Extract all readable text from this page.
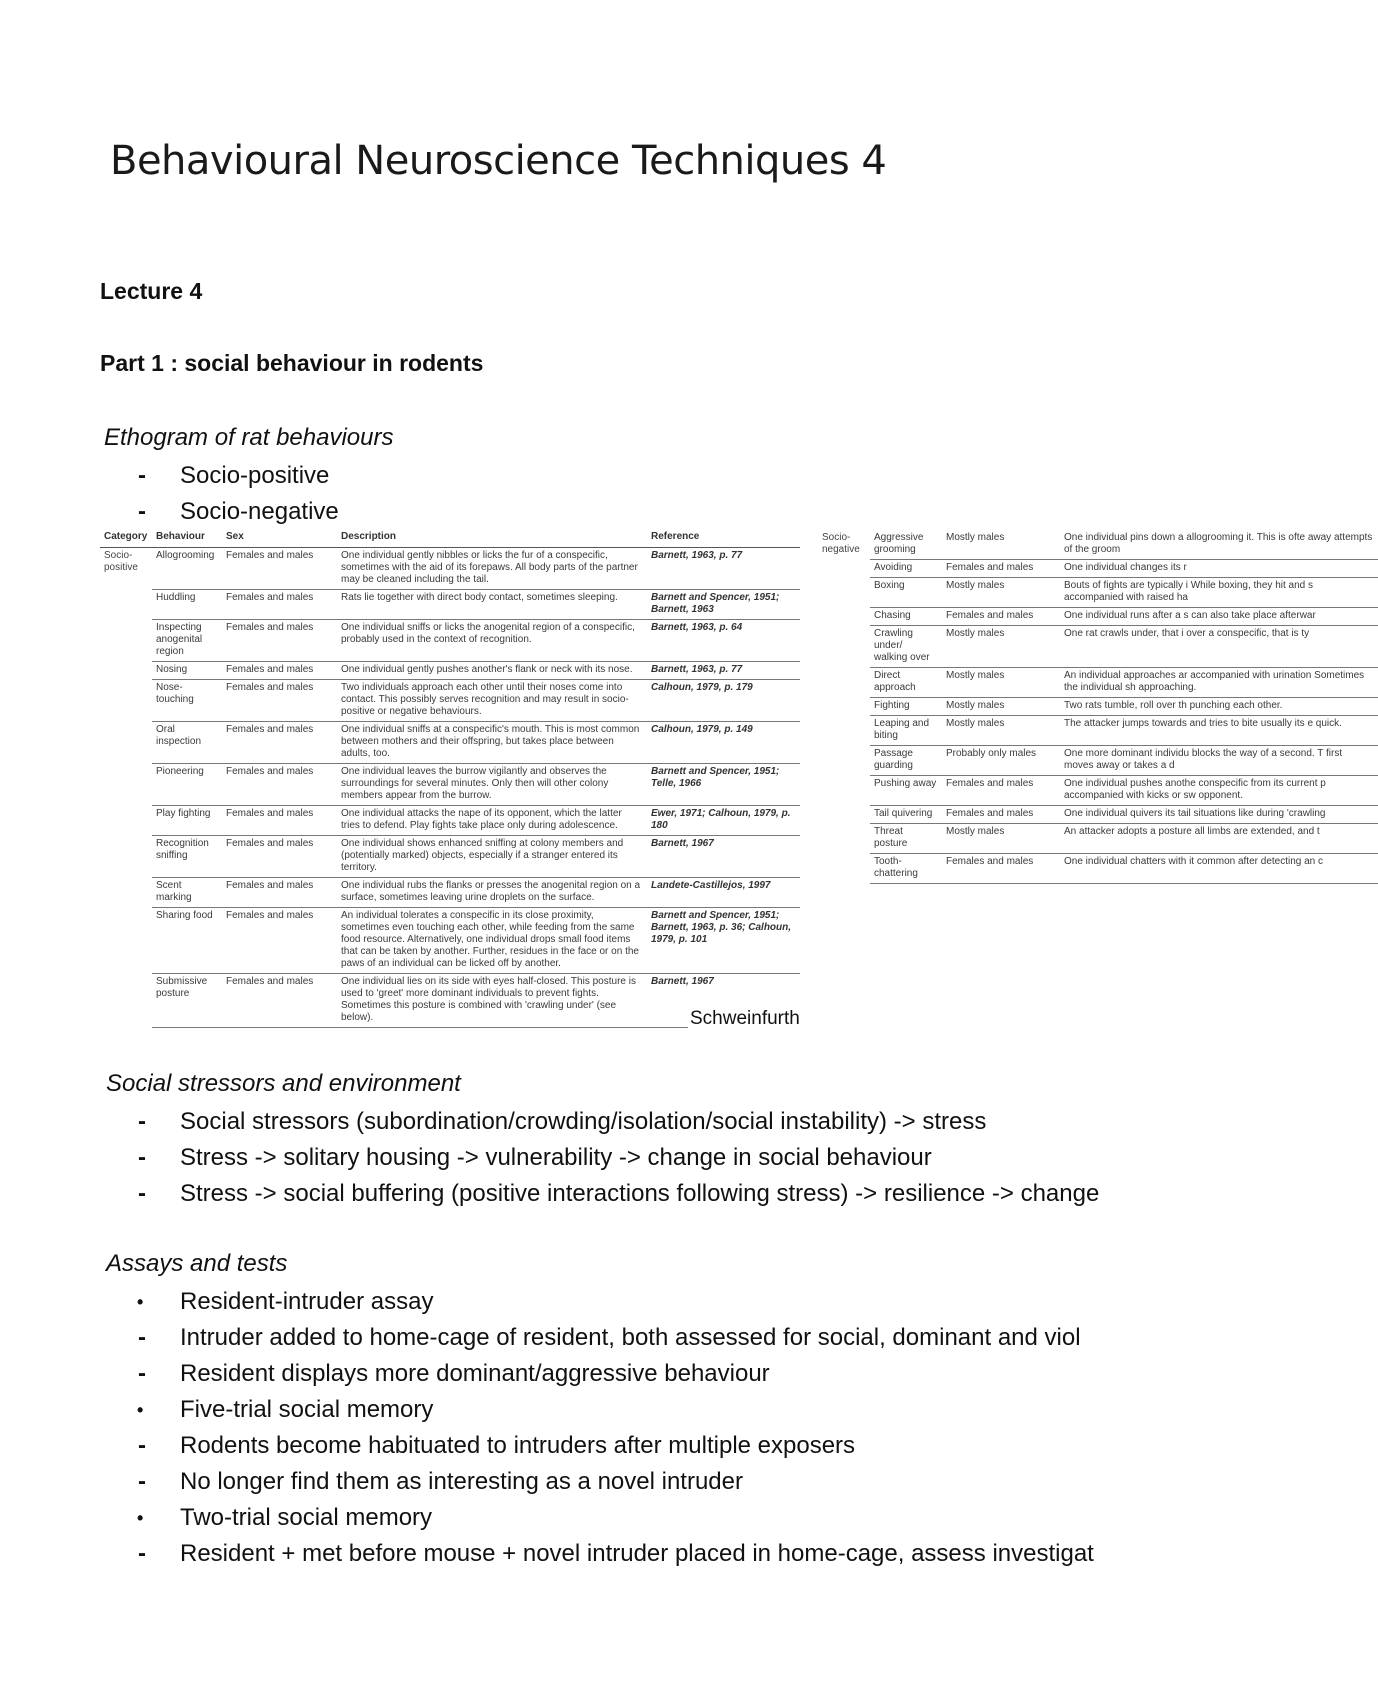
Behavioural Neuroscience Techniques 4

Lecture 4

Part 1 : social behaviour in rodents

Ethogram of rat behaviours

-	Socio-positive
-	Socio-negative
Category	Behaviour	Sex	Description	Reference
Socio-positive	Allogrooming	Females and males	One individual gently nibbles or licks the fur of a conspecific, sometimes with the aid of its forepaws. All body parts of the partner may be cleaned including the tail.	Barnett, 1963, p. 77
	Huddling	Females and males	Rats lie together with direct body contact, sometimes sleeping.	Barnett and Spencer, 1951; Barnett, 1963
	Inspecting anogenital region	Females and males	One individual sniffs or licks the anogenital region of a conspecific, probably used in the context of recognition.	Barnett, 1963, p. 64
	Nosing	Females and males	One individual gently pushes another's flank or neck with its nose.	Barnett, 1963, p. 77
	Nose-touching	Females and males	Two individuals approach each other until their noses come into contact. This possibly serves recognition and may result in socio-positive or negative behaviours.	Calhoun, 1979, p. 179
	Oral inspection	Females and males	One individual sniffs at a conspecific's mouth. This is most common between mothers and their offspring, but takes place between adults, too.	Calhoun, 1979, p. 149
	Pioneering	Females and males	One individual leaves the burrow vigilantly and observes the surroundings for several minutes. Only then will other colony members appear from the burrow.	Barnett and Spencer, 1951; Telle, 1966
	Play fighting	Females and males	One individual attacks the nape of its opponent, which the latter tries to defend. Play fights take place only during adolescence.	Ewer, 1971; Calhoun, 1979, p. 180
	Recognition sniffing	Females and males	One individual shows enhanced sniffing at colony members and (potentially marked) objects, especially if a stranger entered its territory.	Barnett, 1967
	Scent marking	Females and males	One individual rubs the flanks or presses the anogenital region on a surface, sometimes leaving urine droplets on the surface.	Landete-Castillejos, 1997
	Sharing food	Females and males	An individual tolerates a conspecific in its close proximity, sometimes even touching each other, while feeding from the same food resource. Alternatively, one individual drops small food items that can be taken by another. Further, residues in the face or on the paws of an individual can be licked off by another.	Barnett and Spencer, 1951; Barnett, 1963, p. 36; Calhoun, 1979, p. 101
	Submissive posture	Females and males	One individual lies on its side with eyes half-closed. This posture is used to 'greet' more dominant individuals to prevent fights. Sometimes this posture is combined with 'crawling under' (see below).	Barnett, 1967
Socio-negative	Aggressive grooming	Mostly males	One individual pins down a allogrooming it. This is ofte away attempts of the groom
	Avoiding	Females and males	One individual changes its r
	Boxing	Mostly males	Bouts of fights are typically i While boxing, they hit and s accompanied with raised ha
	Chasing	Females and males	One individual runs after a s can also take place afterwar
	Crawling under/ walking over	Mostly males	One rat crawls under, that i over a conspecific, that is ty
	Direct approach	Mostly males	An individual approaches ar accompanied with urination Sometimes the individual sh approaching.
	Fighting	Mostly males	Two rats tumble, roll over th punching each other.
	Leaping and biting	Mostly males	The attacker jumps towards and tries to bite usually its e quick.
	Passage guarding	Probably only males	One more dominant individu blocks the way of a second. T first moves away or takes a d
	Pushing away	Females and males	One individual pushes anothe conspecific from its current p accompanied with kicks or sw opponent.
	Tail quivering	Females and males	One individual quivers its tail situations like during 'crawling
	Threat posture	Mostly males	An attacker adopts a posture all limbs are extended, and t
	Tooth-chattering	Females and males	One individual chatters with it common after detecting an c
Schweinfurth

Social stressors and environment

-	Social stressors (subordination/crowding/isolation/social instability) -> stress
-	Stress -> solitary housing -> vulnerability -> change in social behaviour
-	Stress -> social buffering (positive interactions following stress) -> resilience -> change

Assays and tests

•	Resident-intruder assay
-	Intruder added to home-cage of resident, both assessed for social, dominant and viol
-	Resident displays more dominant/aggressive behaviour
•	Five-trial social memory
-	Rodents become habituated to intruders after multiple exposers
-	No longer find them as interesting as a novel intruder
•	Two-trial social memory
-	Resident + met before mouse + novel intruder placed in home-cage, assess investigat
